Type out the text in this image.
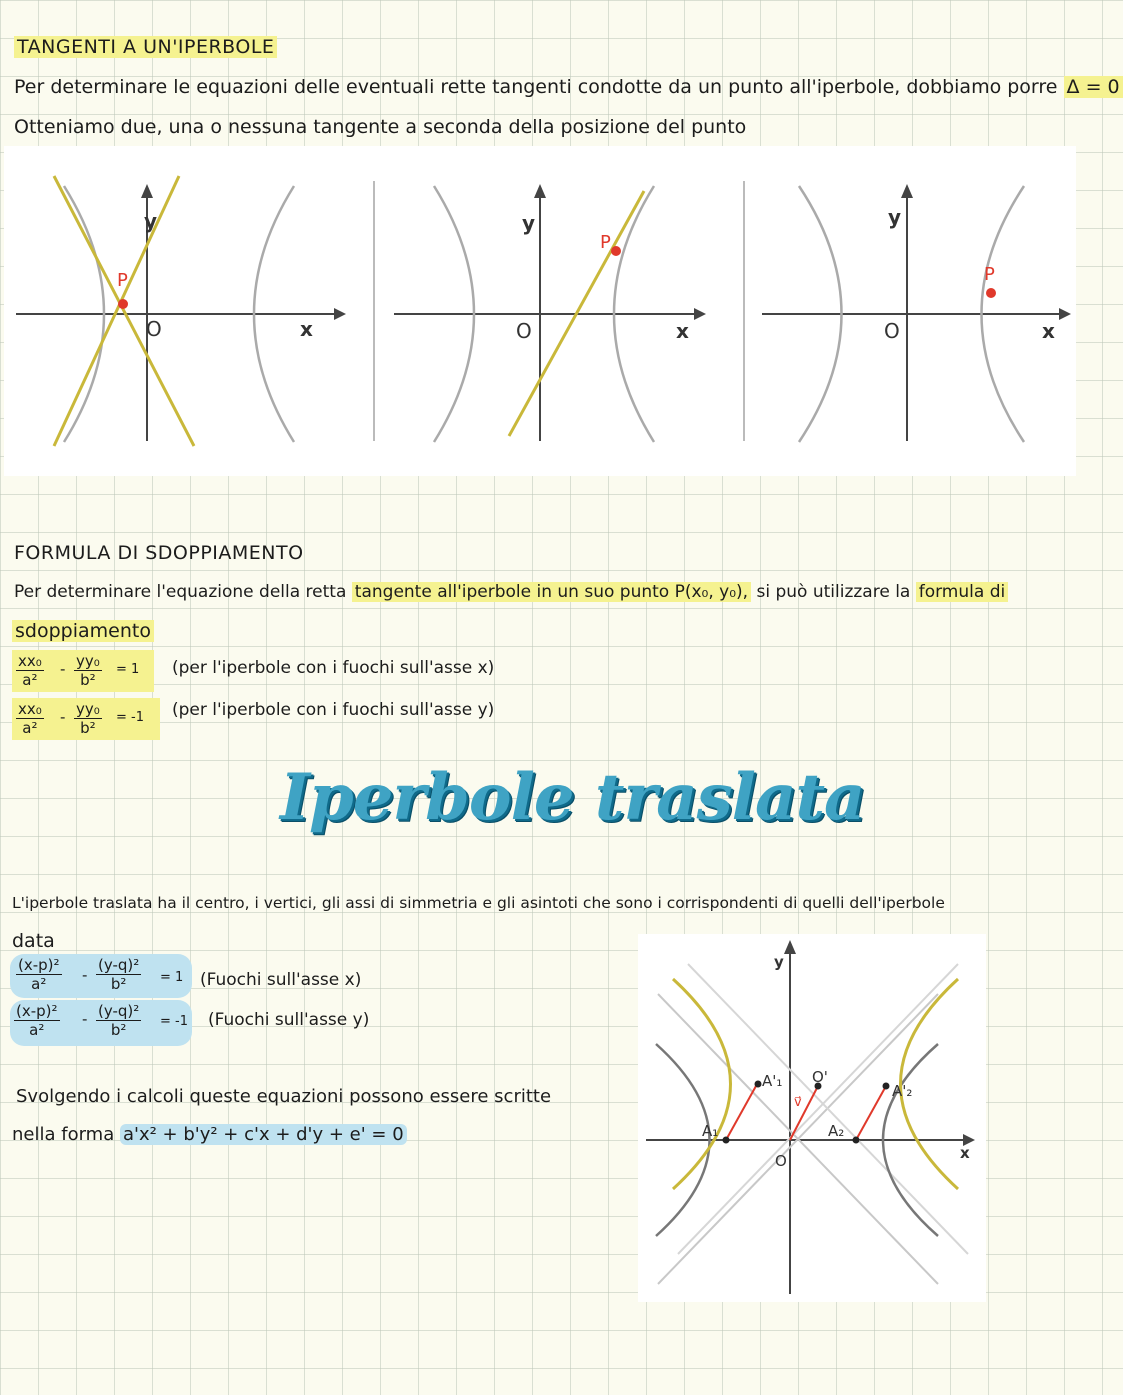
TANGENTI A UN'IPERBOLE
Per determinare le equazioni delle eventuali rette tangenti condotte da un punto all'iperbole, dobbiamo porre Δ = 0
Otteniamo due, una o nessuna tangente a seconda della posizione del punto
P
O
y
x
P
O
y
x
P
O
y
x
FORMULA DI SDOPPIAMENTO
Per determinare l'equazione della retta tangente all'iperbole in un suo punto P(x₀, y₀), si può utilizzare la formula di
sdoppiamento
$\frac{\text{xx₀}}{\text{a²}} - \frac{\text{yy₀}}{\text{b²}} = 1$ (per l'iperbole con i fuochi sull'asse x)
$\frac{\text{xx₀}}{\text{a²}} - \frac{\text{yy₀}}{\text{b²}} = -1$ (per l'iperbole con i fuochi sull'asse y)
Iperbole traslata
L'iperbole traslata ha il centro, i vertici, gli assi di simmetria e gli asintoti che sono i corrispondenti di quelli dell'iperbole
data
$\frac{\text{(x-p)²}}{\text{a²}} - \frac{\text{(y-q)²}}{\text{b²}} = 1$ (Fuochi sull'asse x)
$\frac{\text{(x-p)²}}{\text{a²}} - \frac{\text{(y-q)²}}{\text{b²}} = -1$ (Fuochi sull'asse y)
Svolgendo i calcoli queste equazioni possono essere scritte
nella forma a'x² + b'y² + c'x + d'y + e' = 0
y
x
O
O'
v⃗
A₁	A₂
A'₁
A'₂
